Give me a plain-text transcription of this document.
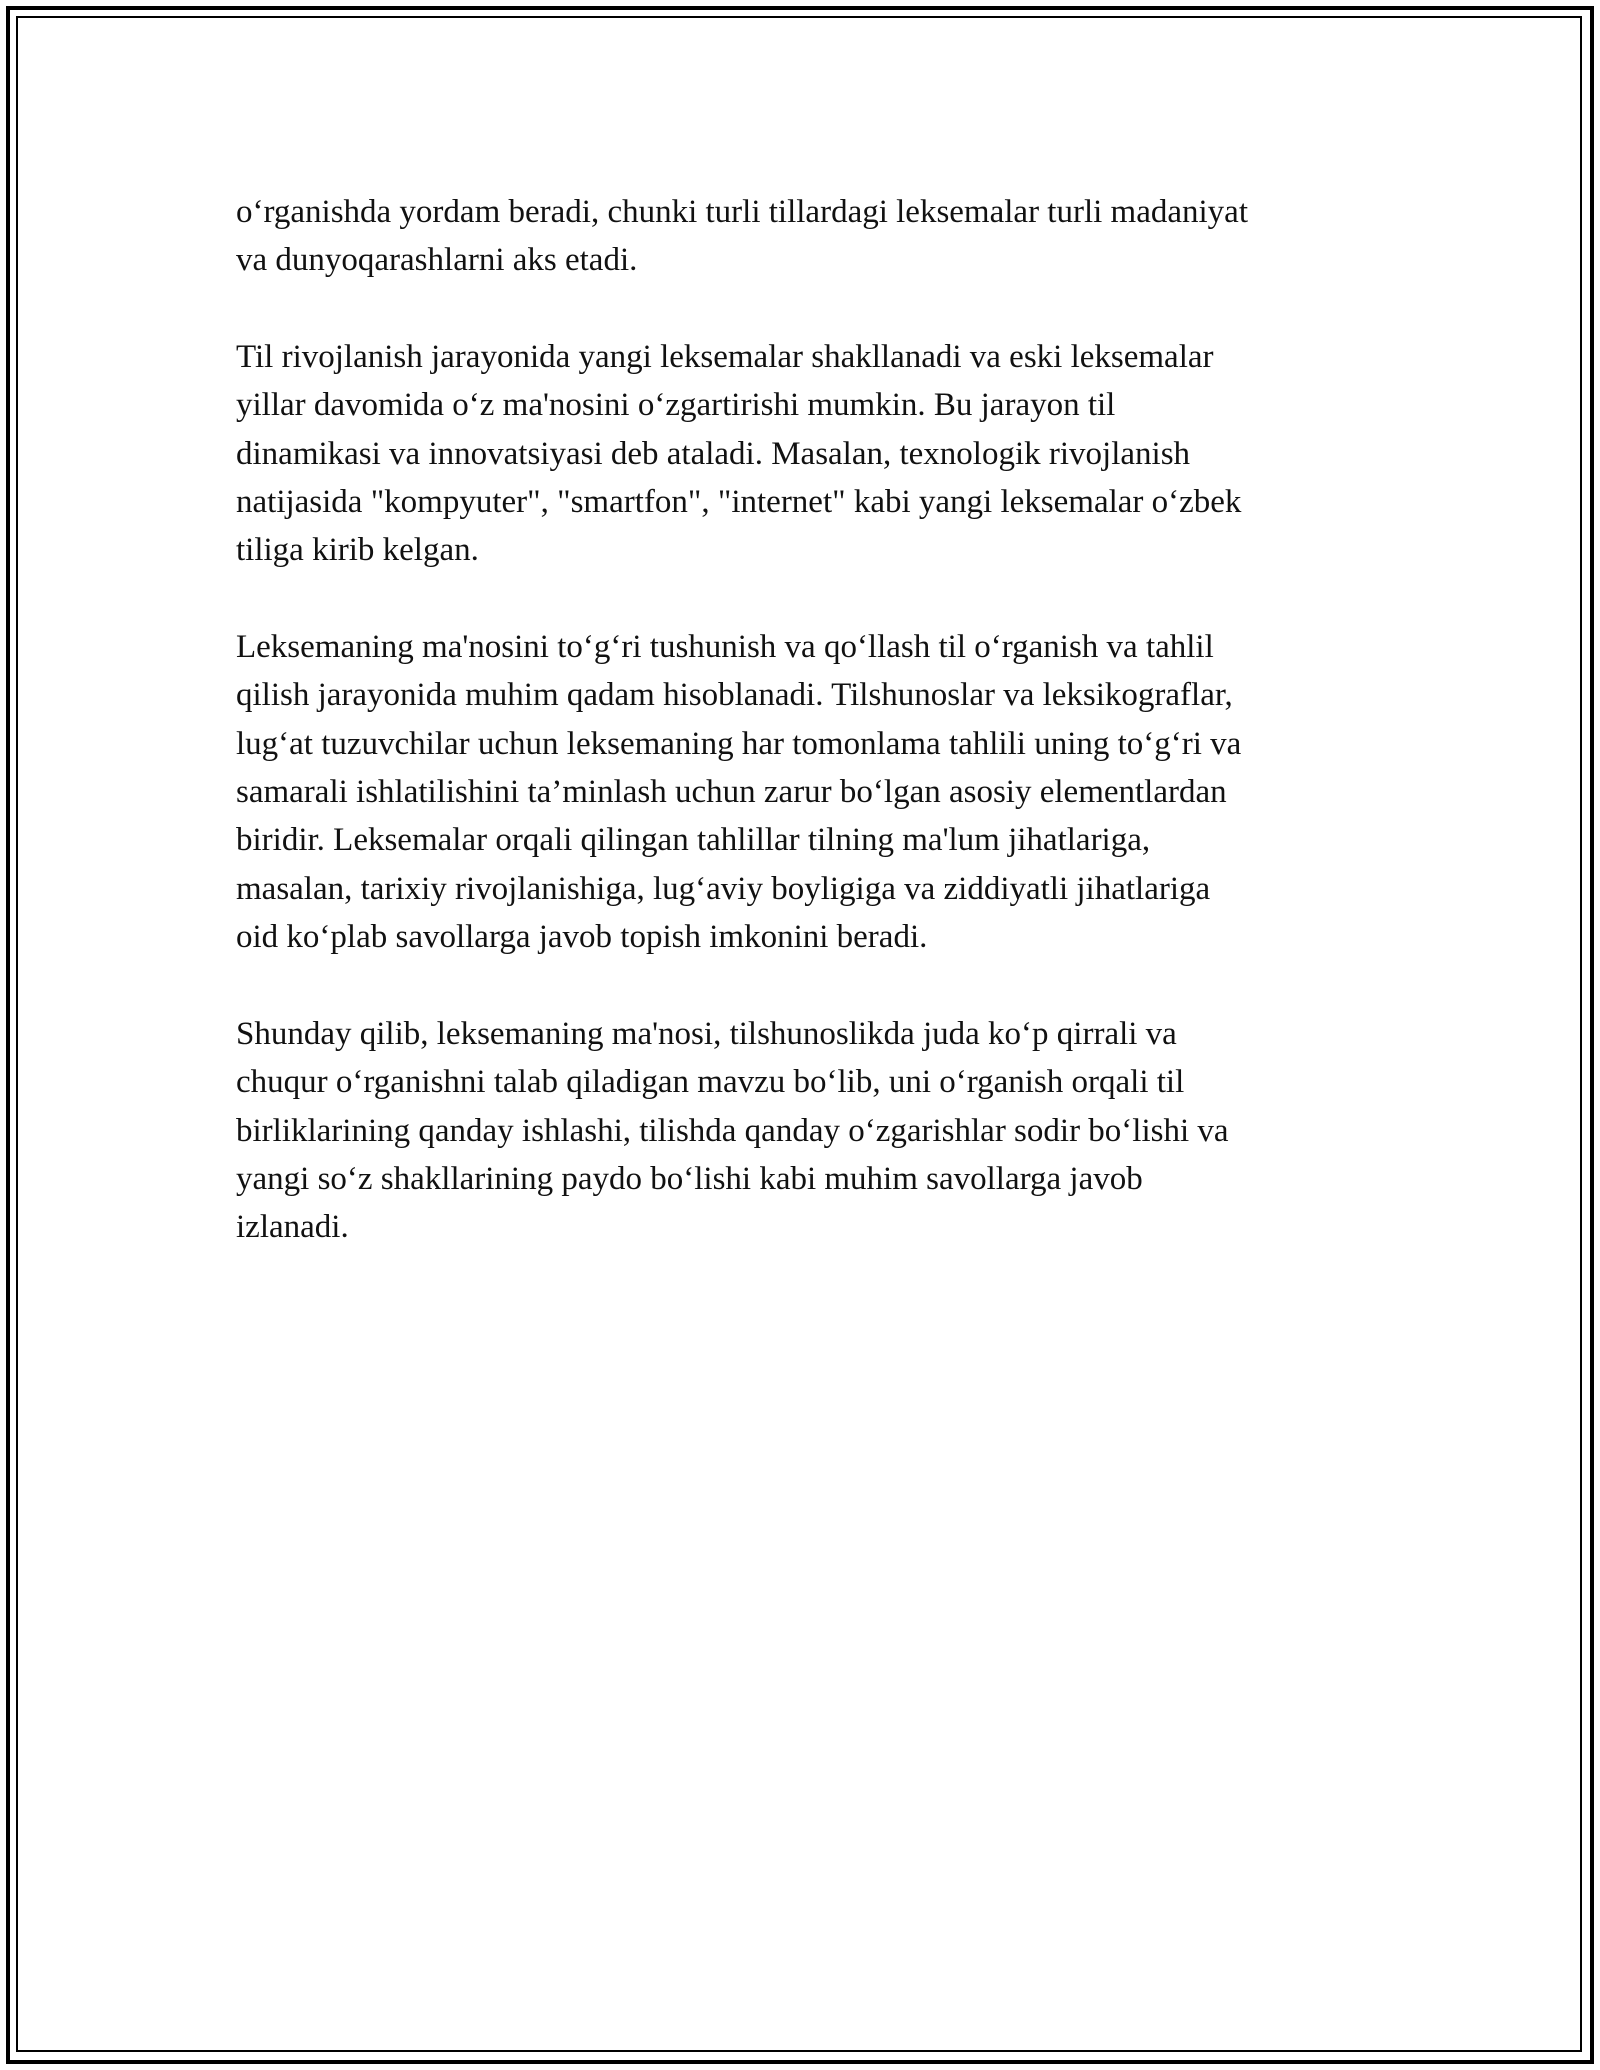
o‘rganishda yordam beradi, chunki turli tillardagi leksemalar turli madaniyat
va dunyoqarashlarni aks etadi.

Til rivojlanish jarayonida yangi leksemalar shakllanadi va eski leksemalar
yillar davomida o‘z ma'nosini o‘zgartirishi mumkin. Bu jarayon til
dinamikasi va innovatsiyasi deb ataladi. Masalan, texnologik rivojlanish
natijasida "kompyuter", "smartfon", "internet" kabi yangi leksemalar o‘zbek
tiliga kirib kelgan.

Leksemaning ma'nosini to‘g‘ri tushunish va qo‘llash til o‘rganish va tahlil
qilish jarayonida muhim qadam hisoblanadi. Tilshunoslar va leksikograflar,
lug‘at tuzuvchilar uchun leksemaning har tomonlama tahlili uning to‘g‘ri va
samarali ishlatilishini ta’minlash uchun zarur bo‘lgan asosiy elementlardan
biridir. Leksemalar orqali qilingan tahlillar tilning ma'lum jihatlariga,
masalan, tarixiy rivojlanishiga, lug‘aviy boyligiga va ziddiyatli jihatlariga
oid ko‘plab savollarga javob topish imkonini beradi.

Shunday qilib, leksemaning ma'nosi, tilshunoslikda juda ko‘p qirrali va
chuqur o‘rganishni talab qiladigan mavzu bo‘lib, uni o‘rganish orqali til
birliklarining qanday ishlashi, tilishda qanday o‘zgarishlar sodir bo‘lishi va
yangi so‘z shakllarining paydo bo‘lishi kabi muhim savollarga javob
izlanadi.
